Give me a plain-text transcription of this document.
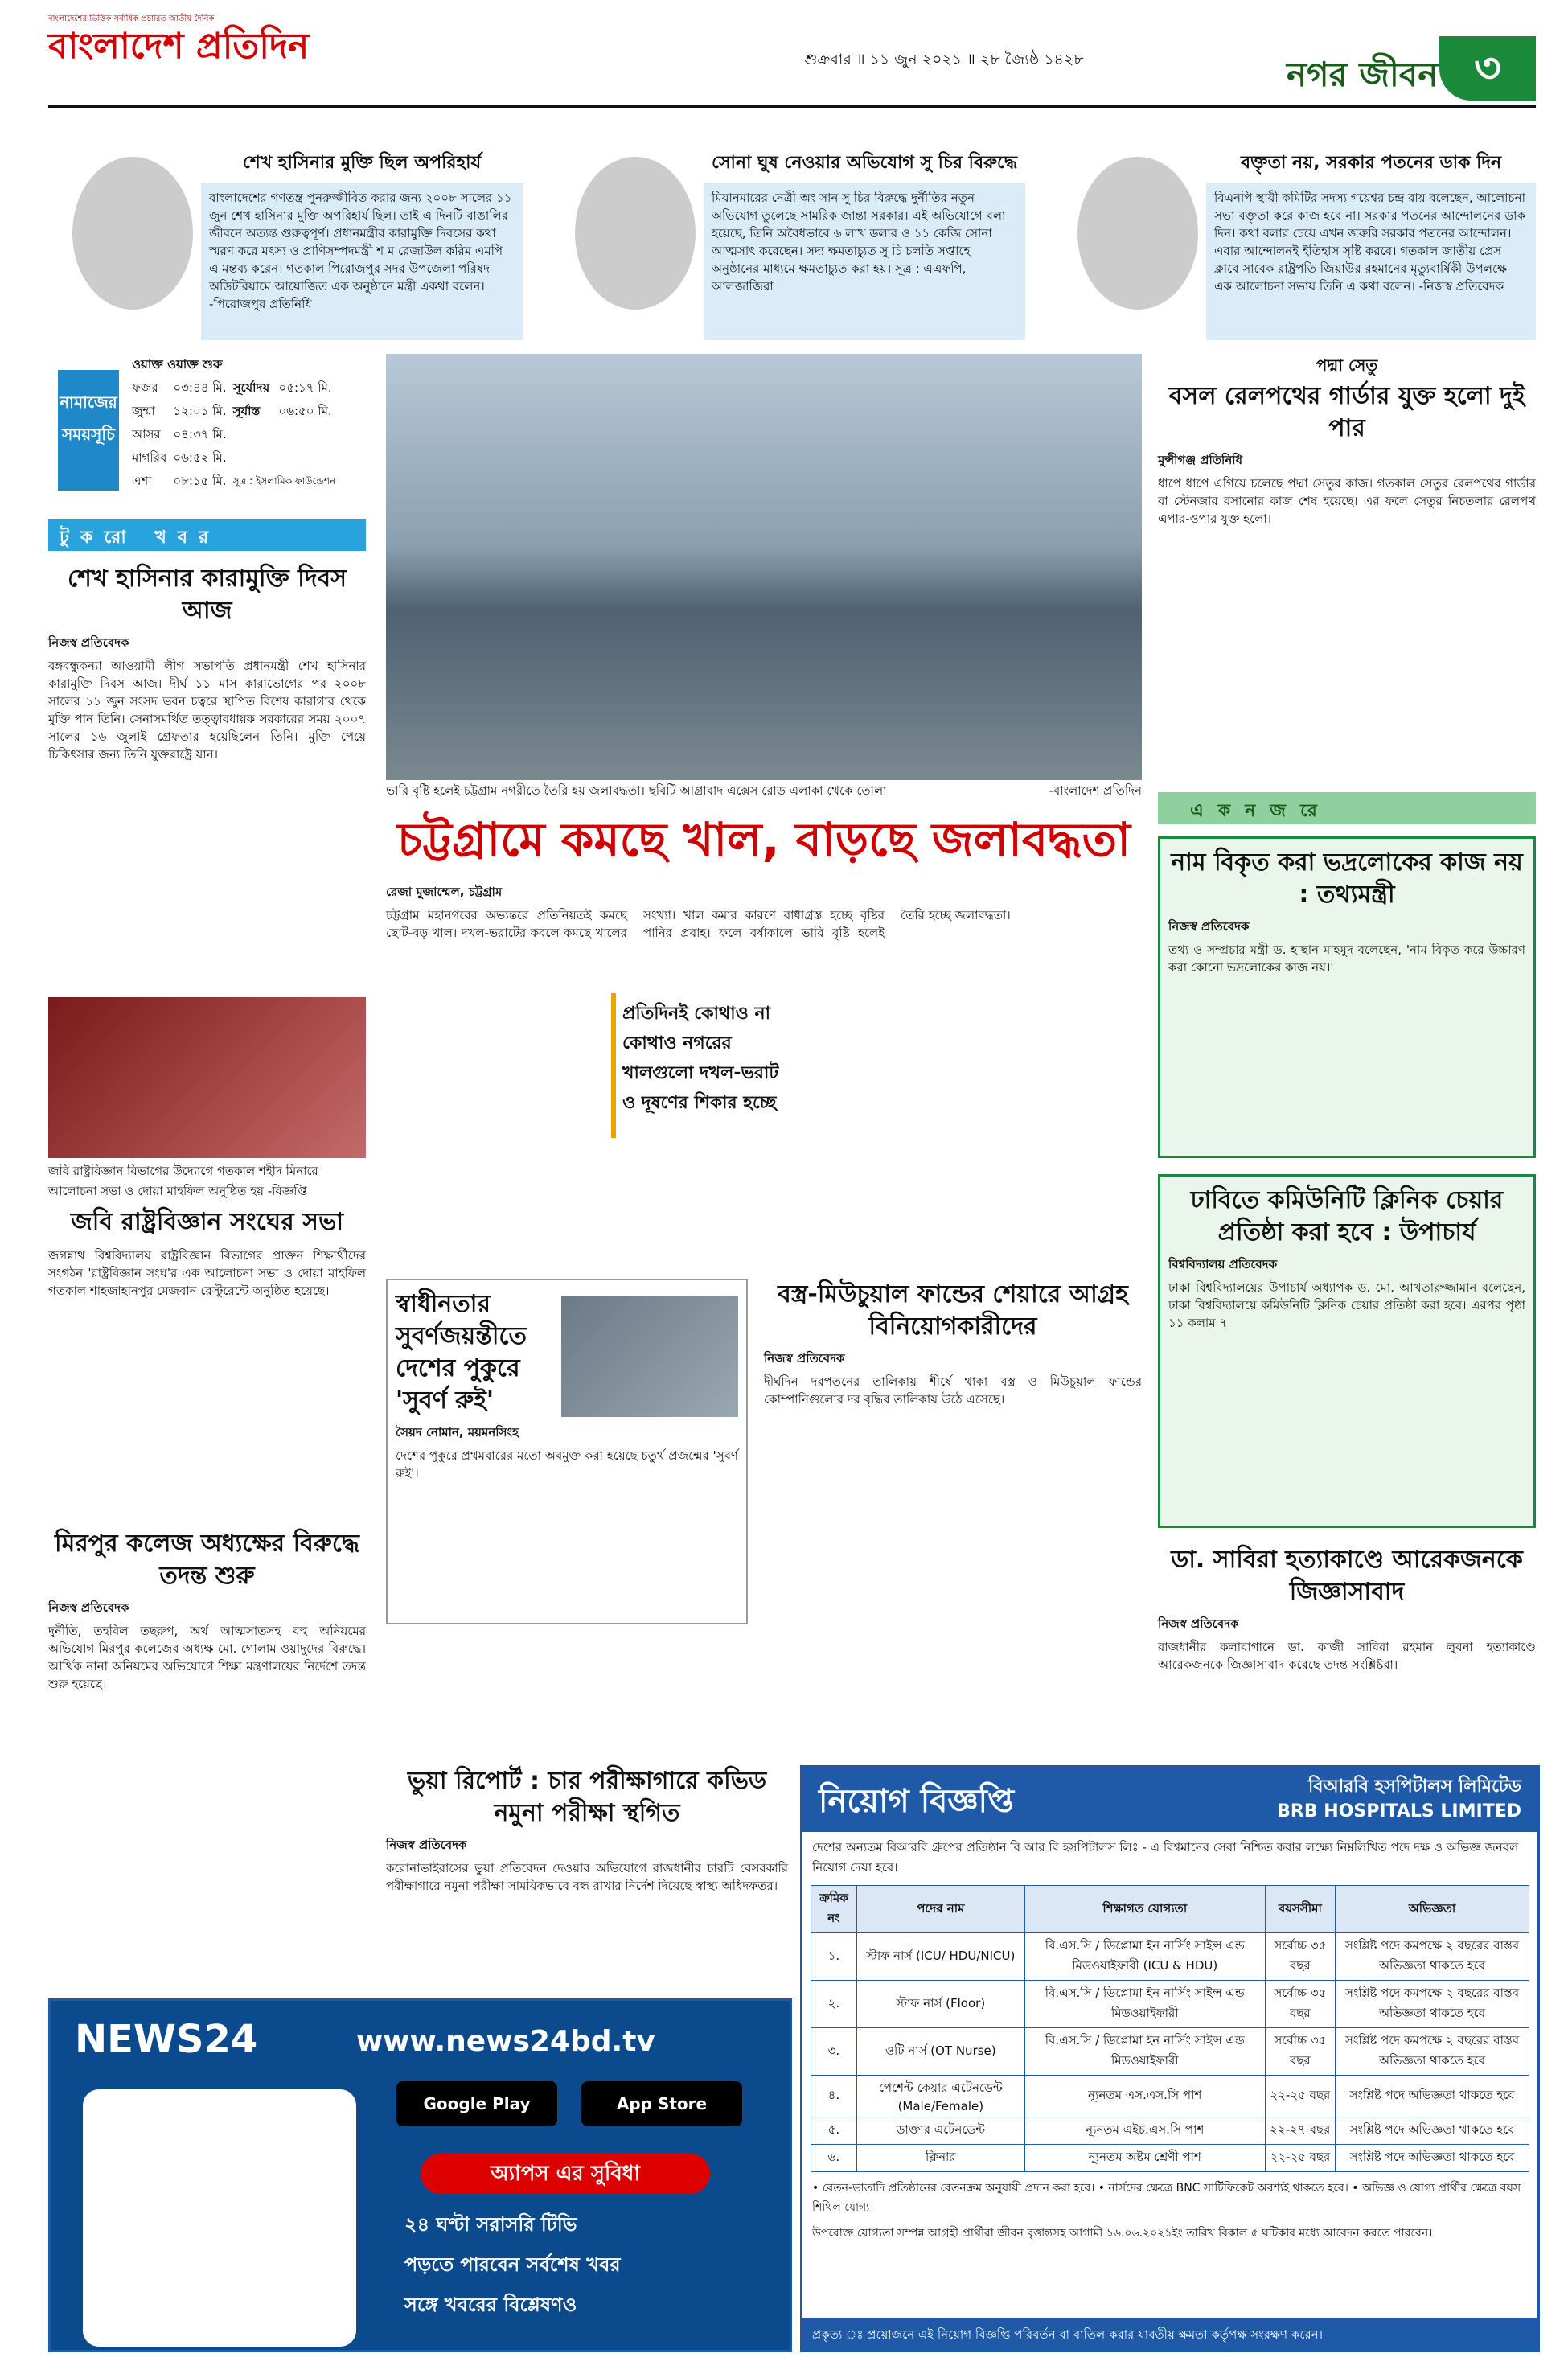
বাংলাদেশের ভিত্তিক সর্বাধিক প্রচারিত জাতীয় দৈনিক
বাংলাদেশ প্রতিদিন	শুক্রবার ॥ ১১ জুন ২০২১ ॥ ২৮ জ্যৈষ্ঠ ১৪২৮	নগর জীবন ৩
শেখ হাসিনার মুক্তি ছিল অপরিহার্য
বাংলাদেশের গণতন্ত্র পুনরুজ্জীবিত করার জন্য ২০০৮ সালের ১১ জুন শেখ হাসিনার মুক্তি অপরিহার্য ছিল। তাই এ দিনটি বাঙালির জীবনে অত্যন্ত গুরুত্বপূর্ণ। প্রধানমন্ত্রীর কারামুক্তি দিবসের কথা স্মরণ করে মৎস্য ও প্রাণিসম্পদমন্ত্রী শ ম রেজাউল করিম এমপি এ মন্তব্য করেন। গতকাল পিরোজপুর সদর উপজেলা পরিষদ অডিটরিয়ামে আয়োজিত এক অনুষ্ঠানে মন্ত্রী একথা বলেন। -পিরোজপুর প্রতিনিধি
সোনা ঘুষ নেওয়ার অভিযোগ সু চির বিরুদ্ধে
মিয়ানমারের নেত্রী অং সান সু চির বিরুদ্ধে দুর্নীতির নতুন অভিযোগ তুলেছে সামরিক জান্তা সরকার। এই অভিযোগে বলা হয়েছে, তিনি অবৈধভাবে ৬ লাখ ডলার ও ১১ কেজি সোনা আত্মসাৎ করেছেন। সদ্য ক্ষমতাচ্যুত সু চি চলতি সপ্তাহে অনুষ্ঠানের মাধ্যমে ক্ষমতাচ্যুত করা হয়। সূত্র : এএফপি, আলজাজিরা
বক্তৃতা নয়, সরকার পতনের ডাক দিন
বিএনপি স্থায়ী কমিটির সদস্য গয়েশ্বর চন্দ্র রায় বলেছেন, আলোচনা সভা বক্তৃতা করে কাজ হবে না। সরকার পতনের আন্দোলনের ডাক দিন। কথা বলার চেয়ে এখন জরুরি সরকার পতনের আন্দোলন। এবার আন্দোলনই ইতিহাস সৃষ্টি করবে। গতকাল জাতীয় প্রেস ক্লাবে সাবেক রাষ্ট্রপতি জিয়াউর রহমানের মৃত্যুবার্ষিকী উপলক্ষে এক আলোচনা সভায় তিনি এ কথা বলেন। -নিজস্ব প্রতিবেদক
নামাজের সময়সূচি
ওয়াক্ত ওয়াক্ত শুরু			
ফজর	০৩:৪৪ মি.	সূর্যোদয়	০৫:১৭ মি.
জুম্মা	১২:০১ মি.	সূর্যাস্ত	০৬:৫০ মি.
আসর	০৪:৩৭ মি.		
মাগরিব	০৬:৫২ মি.		
এশা	০৮:১৫ মি.	সূত্র : ইসলামিক ফাউন্ডেশন	
টুকরো খবর
শেখ হাসিনার কারামুক্তি দিবস আজ
নিজস্ব প্রতিবেদক

বঙ্গবন্ধুকন্যা আওয়ামী লীগ সভাপতি প্রধানমন্ত্রী শেখ হাসিনার কারামুক্তি দিবস আজ। দীর্ঘ ১১ মাস কারাভোগের পর ২০০৮ সালের ১১ জুন সংসদ ভবন চত্বরে স্থাপিত বিশেষ কারাগার থেকে মুক্তি পান তিনি। সেনাসমর্থিত তত্ত্বাবধায়ক সরকারের সময় ২০০৭ সালের ১৬ জুলাই গ্রেফতার হয়েছিলেন তিনি। মুক্তি পেয়ে চিকিৎসার জন্য তিনি যুক্তরাষ্ট্রে যান।

জবি রাষ্ট্রবিজ্ঞান বিভাগের উদ্যোগে গতকাল শহীদ মিনারে আলোচনা সভা ও দোয়া মাহফিল অনুষ্ঠিত হয় -বিজ্ঞপ্তি
জবি রাষ্ট্রবিজ্ঞান সংঘের সভা

জগন্নাথ বিশ্ববিদ্যালয় রাষ্ট্রবিজ্ঞান বিভাগের প্রাক্তন শিক্ষার্থীদের সংগঠন 'রাষ্ট্রবিজ্ঞান সংঘ'র এক আলোচনা সভা ও দোয়া মাহফিল গতকাল শাহজাহানপুর মেজবান রেস্টুরেন্টে অনুষ্ঠিত হয়েছে।

মিরপুর কলেজ অধ্যক্ষের বিরুদ্ধে তদন্ত শুরু
নিজস্ব প্রতিবেদক

দুর্নীতি, তহবিল তছরুপ, অর্থ আত্মসাতসহ বহু অনিয়মের অভিযোগ মিরপুর কলেজের অধ্যক্ষ মো. গোলাম ওয়াদুদের বিরুদ্ধে। আর্থিক নানা অনিয়মের অভিযোগে শিক্ষা মন্ত্রণালয়ের নির্দেশে তদন্ত শুরু হয়েছে।

ভারি বৃষ্টি হলেই চট্টগ্রাম নগরীতে তৈরি হয় জলাবদ্ধতা। ছবিটি আগ্রাবাদ এক্সেস রোড এলাকা থেকে তোলা	-বাংলাদেশ প্রতিদিন
চট্টগ্রামে কমছে খাল, বাড়ছে জলাবদ্ধতা
রেজা মুজাম্মেল, চট্টগ্রাম

চট্টগ্রাম মহানগরের অভ্যন্তরে প্রতিনিয়তই কমছে ছোট-বড় খাল। দখল-ভরাটের কবলে কমছে খালের সংখ্যা। খাল কমার কারণে বাধাগ্রস্ত হচ্ছে বৃষ্টির পানির প্রবাহ। ফলে বর্ষাকালে ভারি বৃষ্টি হলেই তৈরি হচ্ছে জলাবদ্ধতা।

প্রতিদিনই কোথাও না কোথাও নগরের খালগুলো দখল-ভরাট ও দূষণের শিকার হচ্ছে
স্বাধীনতার সুবর্ণজয়ন্তীতে দেশের পুকুরে 'সুবর্ণ রুই'
সৈয়দ নোমান, ময়মনসিংহ

দেশের পুকুরে প্রথমবারের মতো অবমুক্ত করা হয়েছে চতুর্থ প্রজন্মের 'সুবর্ণ রুই'।

বস্ত্র-মিউচুয়াল ফান্ডের শেয়ারে আগ্রহ বিনিয়োগকারীদের
নিজস্ব প্রতিবেদক

দীর্ঘদিন দরপতনের তালিকায় শীর্ষে থাকা বস্ত্র ও মিউচুয়াল ফান্ডের কোম্পানিগুলোর দর বৃদ্ধির তালিকায় উঠে এসেছে।

ভুয়া রিপোর্ট : চার পরীক্ষাগারে কভিড নমুনা পরীক্ষা স্থগিত
নিজস্ব প্রতিবেদক

করোনাভাইরাসের ভুয়া প্রতিবেদন দেওয়ার অভিযোগে রাজধানীর চারটি বেসরকারি পরীক্ষাগারে নমুনা পরীক্ষা সাময়িকভাবে বন্ধ রাখার নির্দেশ দিয়েছে স্বাস্থ্য অধিদফতর।

পদ্মা সেতু
বসল রেলপথের গার্ডার যুক্ত হলো দুই পার
মুন্সীগঞ্জ প্রতিনিধি

ধাপে ধাপে এগিয়ে চলেছে পদ্মা সেতুর কাজ। গতকাল সেতুর রেলপথের গার্ডার বা স্টেনজার বসানোর কাজ শেষ হয়েছে। এর ফলে সেতুর নিচতলার রেলপথ এপার-ওপার যুক্ত হলো।

একনজরে
নাম বিকৃত করা ভদ্রলোকের কাজ নয় : তথ্যমন্ত্রী
নিজস্ব প্রতিবেদক

তথ্য ও সম্প্রচার মন্ত্রী ড. হাছান মাহমুদ বলেছেন, 'নাম বিকৃত করে উচ্চারণ করা কোনো ভদ্রলোকের কাজ নয়।'

ঢাবিতে কমিউনিটি ক্লিনিক চেয়ার প্রতিষ্ঠা করা হবে : উপাচার্য
বিশ্ববিদ্যালয় প্রতিবেদক

ঢাকা বিশ্ববিদ্যালয়ের উপাচার্য অধ্যাপক ড. মো. আখতারুজ্জামান বলেছেন, ঢাকা বিশ্ববিদ্যালয়ে কমিউনিটি ক্লিনিক চেয়ার প্রতিষ্ঠা করা হবে। এরপর পৃষ্ঠা ১১ কলাম ৭

ডা. সাবিরা হত্যাকাণ্ডে আরেকজনকে জিজ্ঞাসাবাদ
নিজস্ব প্রতিবেদক

রাজধানীর কলাবাগানে ডা. কাজী সাবিরা রহমান লুবনা হত্যাকাণ্ডে আরেকজনকে জিজ্ঞাসাবাদ করেছে তদন্ত সংশ্লিষ্টরা।

NEWS24	www.news24bd.tv
Google Play	App Store
অ্যাপস এর সুবিধা
২৪ ঘণ্টা সরাসরি টিভি
পড়তে পারবেন সর্বশেষ খবর
সঙ্গে খবরের বিশ্লেষণও
নিয়োগ বিজ্ঞপ্তি	বিআরবি হসপিটালস লিমিটেড
BRB HOSPITALS LIMITED

দেশের অন্যতম বিআরবি গ্রুপের প্রতিষ্ঠান বি আর বি হসপিটালস লিঃ - এ বিশ্বমানের সেবা নিশ্চিত করার লক্ষ্যে নিম্নলিখিত পদে দক্ষ ও অভিজ্ঞ জনবল নিয়োগ দেয়া হবে।

ক্রমিক নং	পদের নাম	শিক্ষাগত যোগ্যতা	বয়সসীমা	অভিজ্ঞতা
১.	স্টাফ নার্স (ICU/ HDU/NICU)	বি.এস.সি / ডিপ্লোমা ইন নার্সিং সাইন্স এন্ড মিডওয়াইফারী (ICU & HDU)	সর্বোচ্চ ৩৫ বছর	সংশ্লিষ্ট পদে কমপক্ষে ২ বছরের বাস্তব অভিজ্ঞতা থাকতে হবে
২.	স্টাফ নার্স (Floor)	বি.এস.সি / ডিপ্লোমা ইন নার্সিং সাইন্স এন্ড মিডওয়াইফারী	সর্বোচ্চ ৩৫ বছর	সংশ্লিষ্ট পদে কমপক্ষে ২ বছরের বাস্তব অভিজ্ঞতা থাকতে হবে
৩.	ওটি নার্স (OT Nurse)	বি.এস.সি / ডিপ্লোমা ইন নার্সিং সাইন্স এন্ড মিডওয়াইফারী	সর্বোচ্চ ৩৫ বছর	সংশ্লিষ্ট পদে কমপক্ষে ২ বছরের বাস্তব অভিজ্ঞতা থাকতে হবে
৪.	পেশেন্ট কেয়ার এটেনডেন্ট (Male/Female)	ন্যূনতম এস.এস.সি পাশ	২২-২৫ বছর	সংশ্লিষ্ট পদে অভিজ্ঞতা থাকতে হবে
৫.	ডাক্তার এটেনডেন্ট	ন্যূনতম এইচ.এস.সি পাশ	২২-২৭ বছর	সংশ্লিষ্ট পদে অভিজ্ঞতা থাকতে হবে
৬.	ক্লিনার	ন্যূনতম অষ্টম শ্রেণী পাশ	২২-২৫ বছর	সংশ্লিষ্ট পদে অভিজ্ঞতা থাকতে হবে

• বেতন-ভাতাদি প্রতিষ্ঠানের বেতনক্রম অনুযায়ী প্রদান করা হবে। • নার্সদের ক্ষেত্রে BNC সার্টিফিকেট অবশ্যই থাকতে হবে। • অভিজ্ঞ ও যোগ্য প্রার্থীর ক্ষেত্রে বয়স শিথিল যোগ্য।

উপরোক্ত যোগ্যতা সম্পন্ন আগ্রহী প্রার্থীরা জীবন বৃত্তান্তসহ আগামী ১৬.০৬.২০২১ইং তারিখ বিকাল ৫ ঘটিকার মধ্যে আবেদন করতে পারবেন।

প্রকৃত্য ঃ প্রয়োজনে এই নিয়োগ বিজ্ঞপ্তি পরিবর্তন বা বাতিল করার যাবতীয় ক্ষমতা কর্তৃপক্ষ সংরক্ষণ করেন।
